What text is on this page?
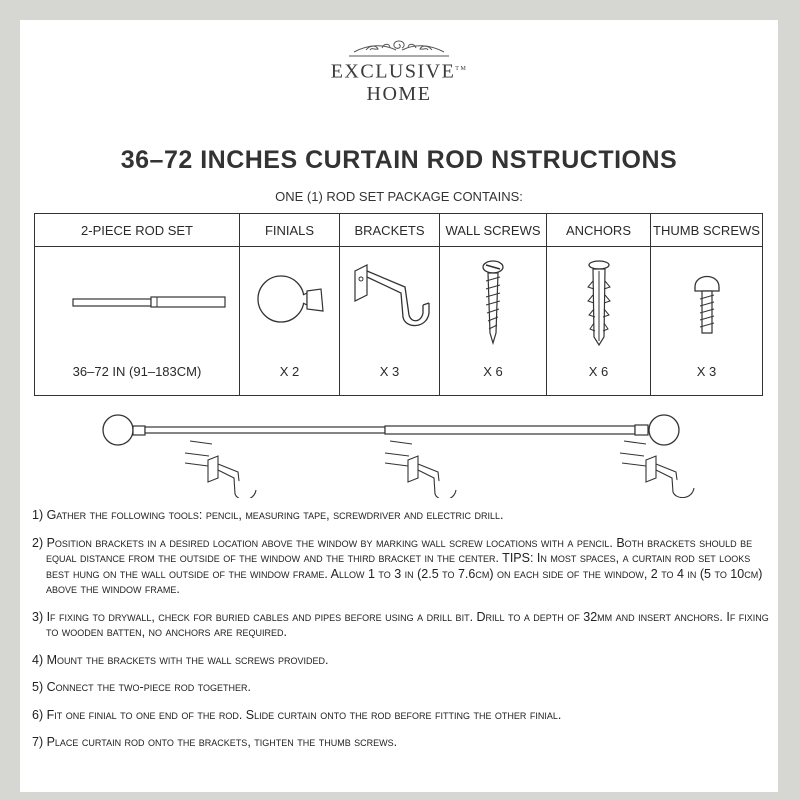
EXCLUSIVE™
HOME
36–72 INCHES CURTAIN ROD NSTRUCTIONS
ONE (1) ROD SET PACKAGE CONTAINS:
2-PIECE ROD SET	FINIALS	BRACKETS	WALL SCREWS	ANCHORS	THUMB SCREWS

36–72 IN (91–183CM)	X 2	X 3	X 6	X 6	X 3
1) Gather the following tools: pencil, measuring tape, screwdriver and electric drill.
2) Position brackets in a desired location above the window by marking wall screw locations with a pencil. Both brackets should be equal distance from the outside of the window and the third bracket in the center. TIPS: In most spaces, a curtain rod set looks best hung on the wall outside of the window frame. Allow 1 to 3 in (2.5 to 7.6cm) on each side of the window, 2 to 4 in (5 to 10cm) above the window frame.
3) If fixing to drywall, check for buried cables and pipes before using a drill bit. Drill to a depth of 32mm and insert anchors. If fixing to wooden batten, no anchors are required.
4) Mount the brackets with the wall screws provided.
5) Connect the two-piece rod together.
6) Fit one finial to one end of the rod. Slide curtain onto the rod before fitting the other finial.
7) Place curtain rod onto the brackets, tighten the thumb screws.
